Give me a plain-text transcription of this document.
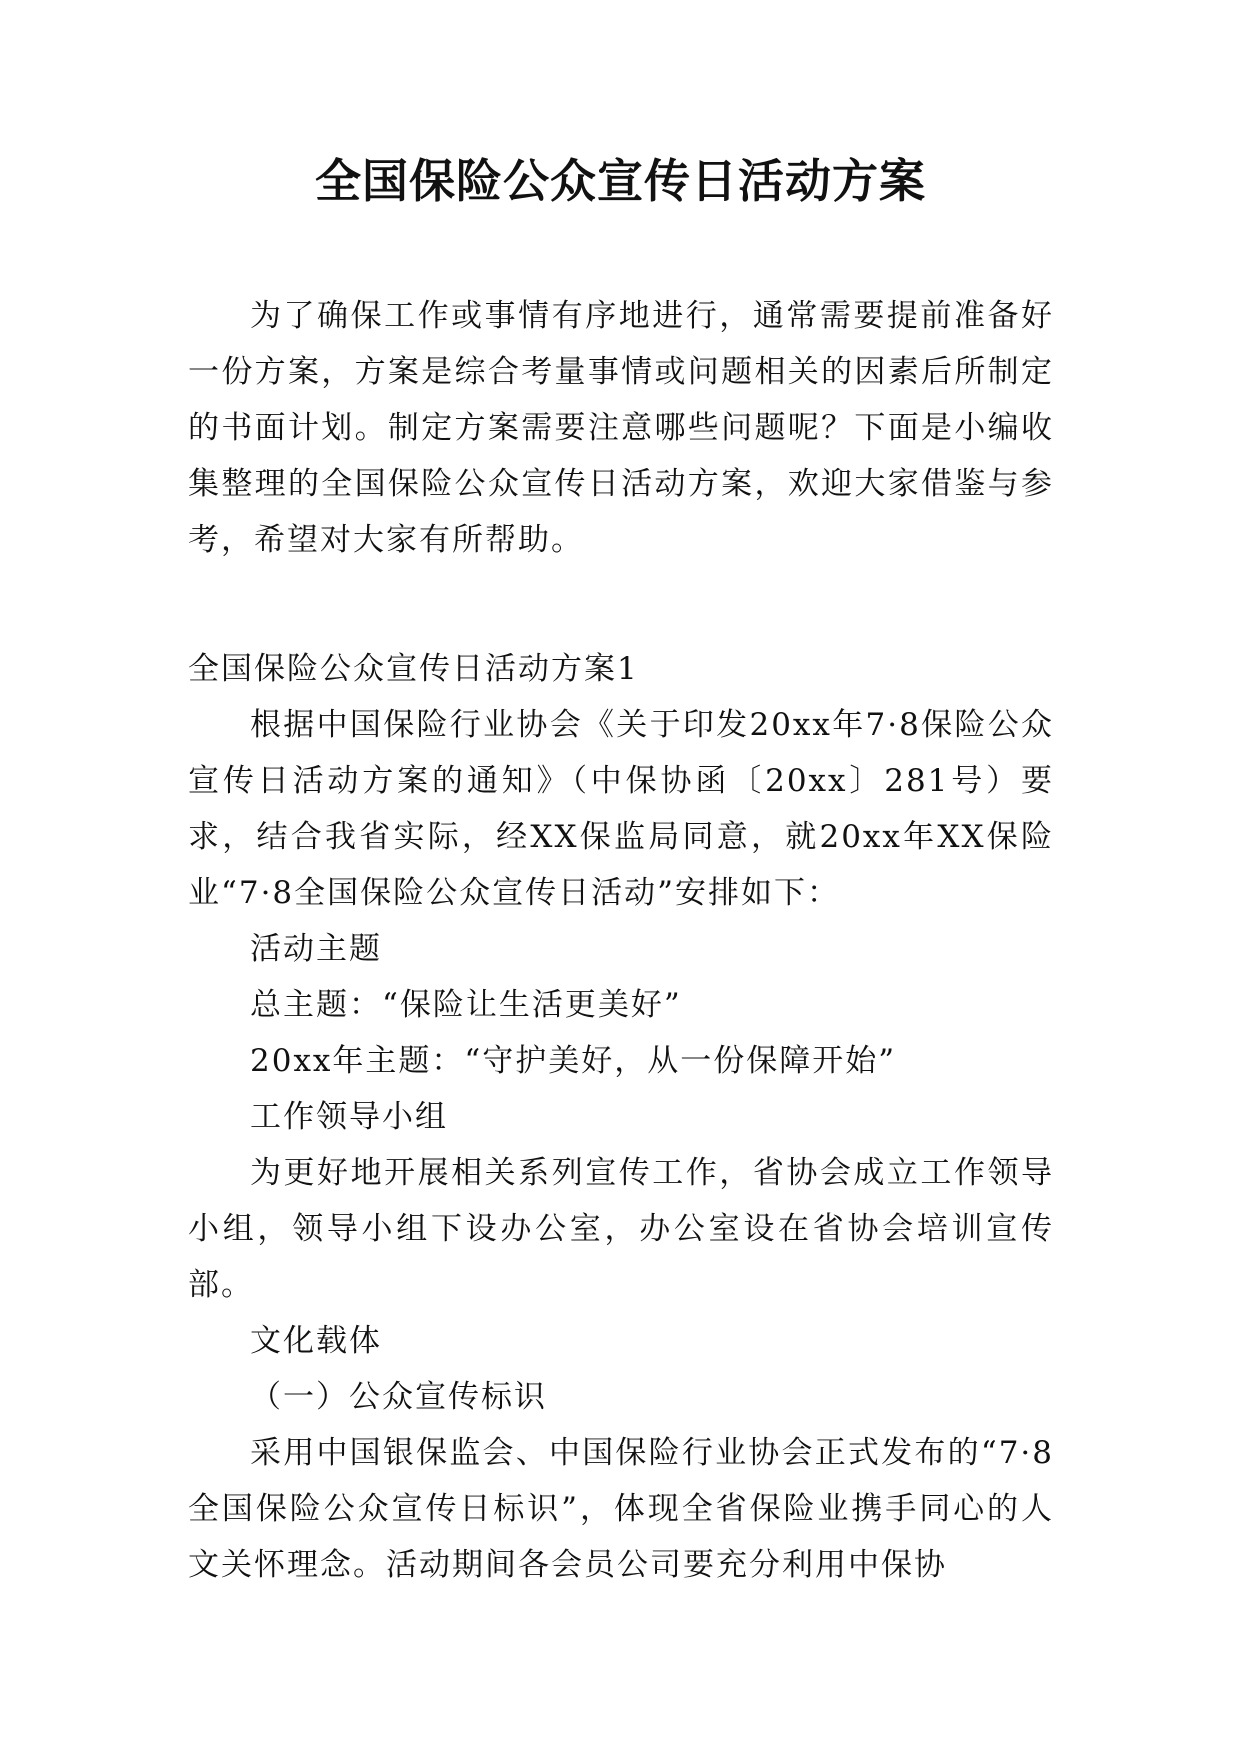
全国保险公众宣传日活动方案

为了确保工作或事情有序地进行，通常需要提前准备好一份方案，方案是综合考量事情或问题相关的因素后所制定的书面计划。制定方案需要注意哪些问题呢？下面是小编收集整理的全国保险公众宣传日活动方案，欢迎大家借鉴与参考，希望对大家有所帮助。

全国保险公众宣传日活动方案1

根据中国保险行业协会《关于印发20xx年7·8保险公众宣传日活动方案的通知》（中保协函〔20xx〕281号）要求，结合我省实际，经XX保监局同意，就20xx年XX保险业“7·8全国保险公众宣传日活动”安排如下：

活动主题

总主题：“保险让生活更美好”

20xx年主题：“守护美好，从一份保障开始”

工作领导小组

为更好地开展相关系列宣传工作，省协会成立工作领导小组，领导小组下设办公室，办公室设在省协会培训宣传部。

文化载体

（一）公众宣传标识

采用中国银保监会、中国保险行业协会正式发布的“7·8全国保险公众宣传日标识”，体现全省保险业携手同心的人文关怀理念。活动期间各会员公司要充分利用中保协
